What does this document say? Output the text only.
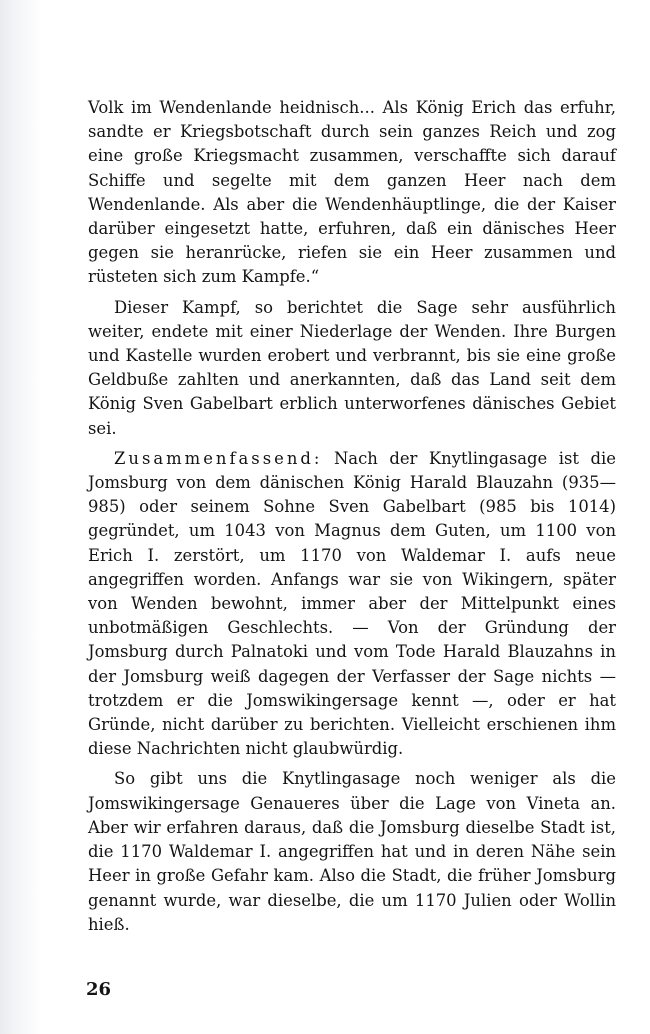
Volk im Wendenlande heidnisch... Als König Erich das erfuhr, sandte er Kriegsbotschaft durch sein ganzes Reich und zog eine große Kriegsmacht zusammen, verschaffte sich darauf Schiffe und segelte mit dem ganzen Heer nach dem Wendenlande. Als aber die Wendenhäuptlinge, die der Kaiser darüber eingesetzt hatte, erfuhren, daß ein dänisches Heer gegen sie heranrücke, riefen sie ein Heer zusammen und rüsteten sich zum Kampfe.“

Dieser Kampf, so berichtet die Sage sehr ausführlich weiter, endete mit einer Niederlage der Wenden. Ihre Burgen und Kastelle wurden erobert und verbrannt, bis sie eine große Geldbuße zahlten und anerkannten, daß das Land seit dem König Sven Gabelbart erblich unterworfenes dänisches Gebiet sei.

Zusammenfassend: Nach der Knytlingasage ist die Jomsburg von dem dänischen König Harald Blauzahn (935—985) oder seinem Sohne Sven Gabelbart (985 bis 1014) gegründet, um 1043 von Magnus dem Guten, um 1100 von Erich I. zerstört, um 1170 von Waldemar I. aufs neue angegriffen worden. Anfangs war sie von Wikingern, später von Wenden bewohnt, immer aber der Mittelpunkt eines unbotmäßigen Geschlechts. — Von der Gründung der Jomsburg durch Palnatoki und vom Tode Harald Blauzahns in der Jomsburg weiß dagegen der Verfasser der Sage nichts — trotzdem er die Jomswikingersage kennt —, oder er hat Gründe, nicht darüber zu berichten. Vielleicht erschienen ihm diese Nachrichten nicht glaubwürdig.

So gibt uns die Knytlingasage noch weniger als die Jomswikingersage Genaueres über die Lage von Vineta an. Aber wir erfahren daraus, daß die Jomsburg dieselbe Stadt ist, die 1170 Waldemar I. angegriffen hat und in deren Nähe sein Heer in große Gefahr kam. Also die Stadt, die früher Jomsburg genannt wurde, war dieselbe, die um 1170 Julien oder Wollin hieß.

26
